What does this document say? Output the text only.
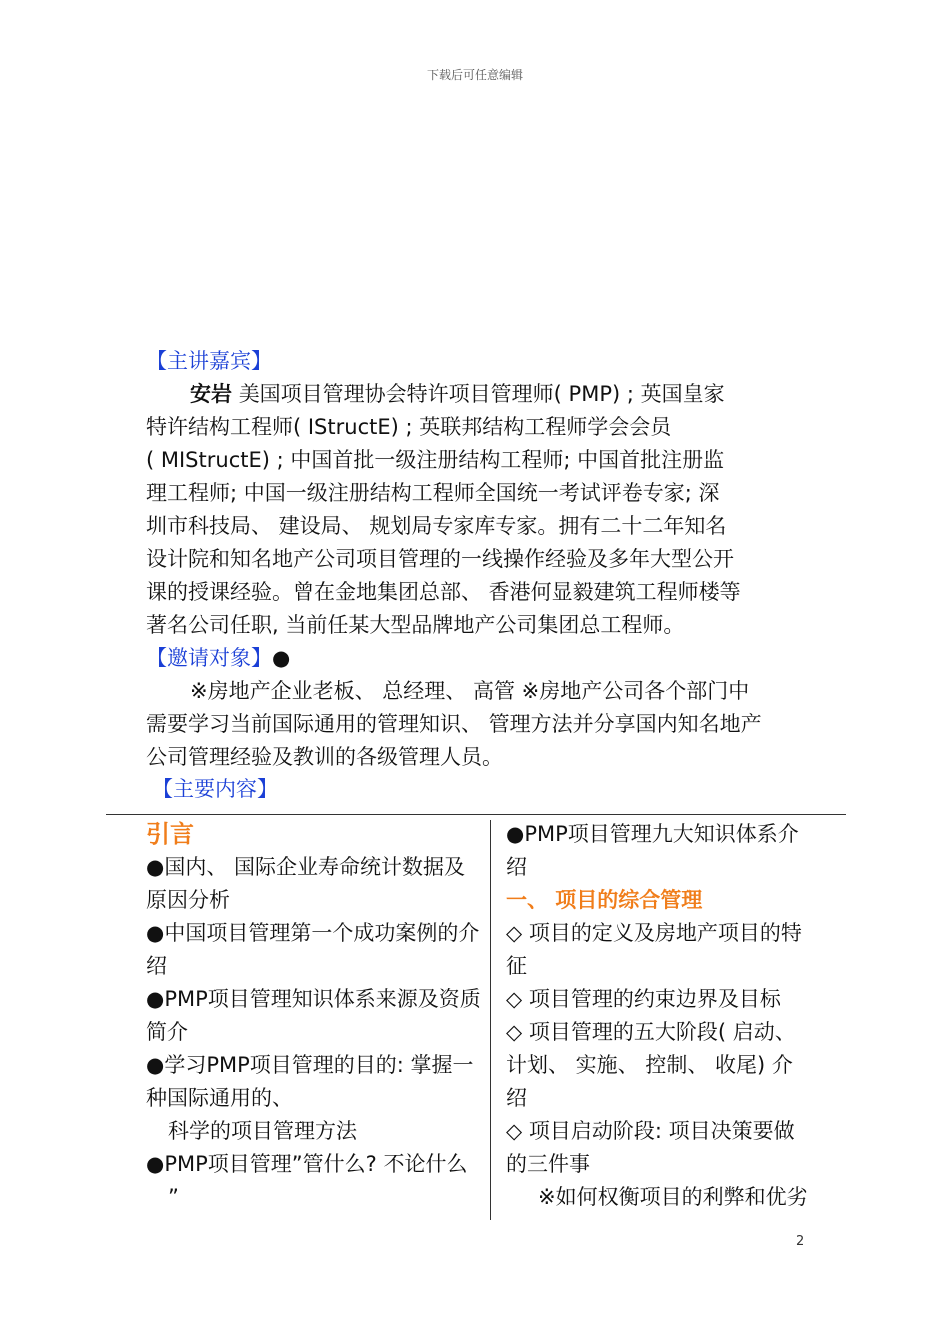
下载后可任意编辑
【主讲嘉宾】
安岩 美国项目管理协会特许项目管理师( PMP) ; 英国皇家
特许结构工程师( IStructE) ; 英联邦结构工程师学会会员
( MIStructE) ; 中国首批一级注册结构工程师; 中国首批注册监
理工程师; 中国一级注册结构工程师全国统一考试评卷专家; 深
圳市科技局、 建设局、 规划局专家库专家。拥有二十二年知名
设计院和知名地产公司项目管理的一线操作经验及多年大型公开
课的授课经验。曾在金地集团总部、 香港何显毅建筑工程师楼等
著名公司任职, 当前任某大型品牌地产公司集团总工程师。
【邀请对象】●
※房地产企业老板、 总经理、 高管 ※房地产公司各个部门中
需要学习当前国际通用的管理知识、 管理方法并分享国内知名地产
公司管理经验及教训的各级管理人员。
【主要内容】
引言
●国内、 国际企业寿命统计数据及
原因分析
●中国项目管理第一个成功案例的介
绍
●PMP项目管理知识体系来源及资质
简介
●学习PMP项目管理的目的: 掌握一
种国际通用的、
科学的项目管理方法
●PMP项目管理”管什么? 不论什么
”
●PMP项目管理九大知识体系介
绍
一、 项目的综合管理
◇ 项目的定义及房地产项目的特
征
◇ 项目管理的约束边界及目标
◇ 项目管理的五大阶段( 启动、
计划、 实施、 控制、 收尾) 介
绍
◇ 项目启动阶段: 项目决策要做
的三件事
※如何权衡项目的利弊和优劣
2
